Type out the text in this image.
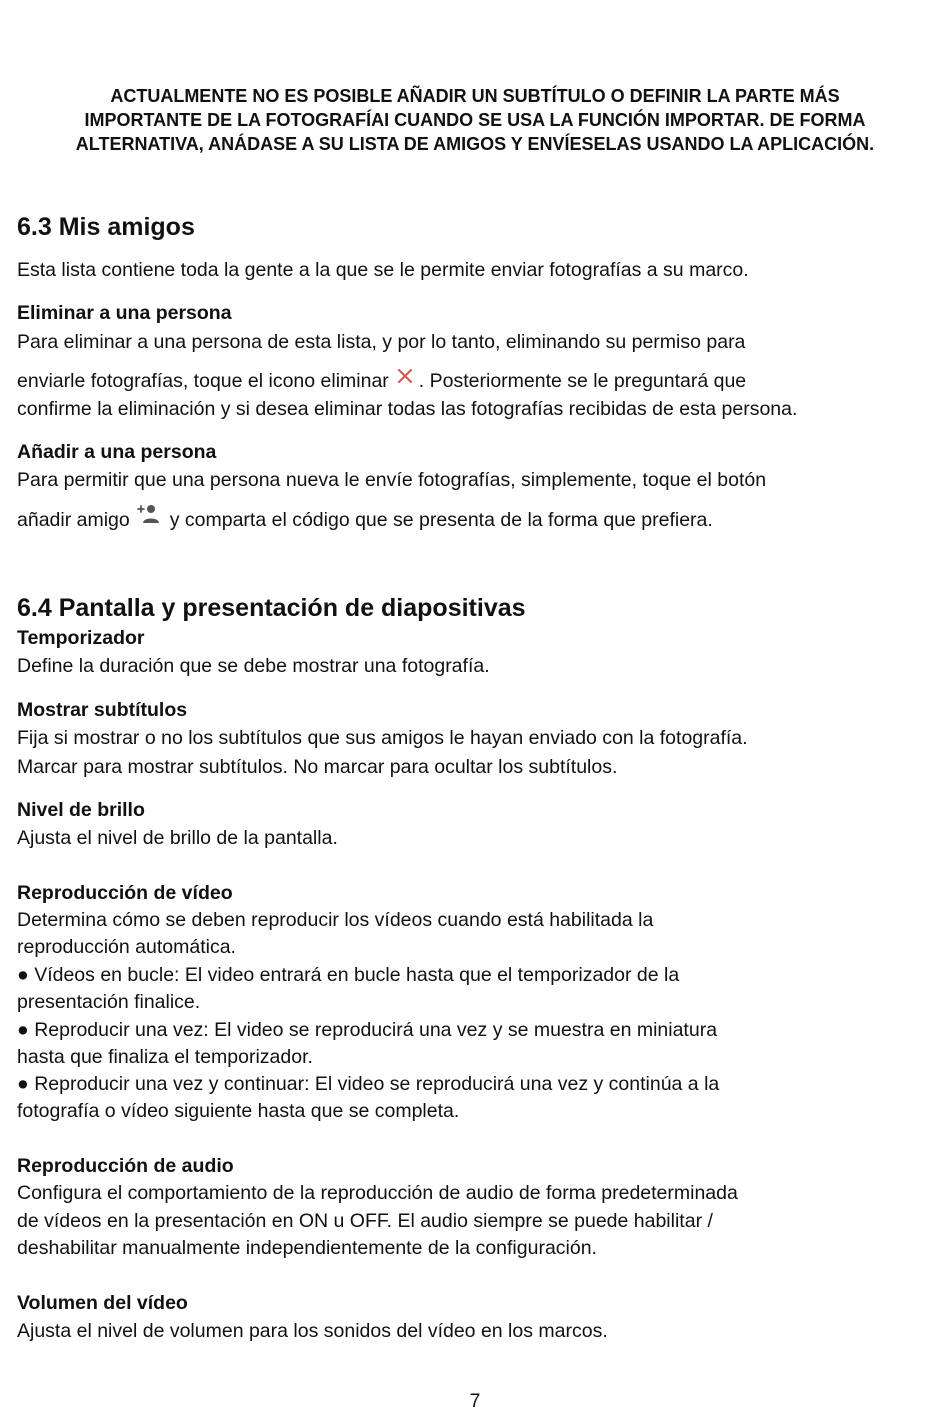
ACTUALMENTE NO ES POSIBLE AÑADIR UN SUBTÍTULO O DEFINIR LA PARTE MÁS
IMPORTANTE DE LA FOTOGRAFÍAI CUANDO SE USA LA FUNCIÓN IMPORTAR. DE FORMA
ALTERNATIVA, ANÁDASE A SU LISTA DE AMIGOS Y ENVÍESELAS USANDO LA APLICACIÓN.
6.3 Mis amigos
Esta lista contiene toda la gente a la que se le permite enviar fotografías a su marco.
Eliminar a una persona
Para eliminar a una persona de esta lista, y por lo tanto, eliminando su permiso para
enviarle fotografías, toque el icono eliminar . Posteriormente se le preguntará que
confirme la eliminación y si desea eliminar todas las fotografías recibidas de esta persona.
Añadir a una persona
Para permitir que una persona nueva le envíe fotografías, simplemente, toque el botón
añadir amigo y comparta el código que se presenta de la forma que prefiera.
6.4 Pantalla y presentación de diapositivas
Temporizador
Define la duración que se debe mostrar una fotografía.
Mostrar subtítulos
Fija si mostrar o no los subtítulos que sus amigos le hayan enviado con la fotografía.
Marcar para mostrar subtítulos. No marcar para ocultar los subtítulos.
Nivel de brillo
Ajusta el nivel de brillo de la pantalla.
Reproducción de vídeo
Determina cómo se deben reproducir los vídeos cuando está habilitada la
reproducción automática.
● Vídeos en bucle: El video entrará en bucle hasta que el temporizador de la
presentación finalice.
● Reproducir una vez: El video se reproducirá una vez y se muestra en miniatura
hasta que finaliza el temporizador.
● Reproducir una vez y continuar: El video se reproducirá una vez y continúa a la
fotografía o vídeo siguiente hasta que se completa.
Reproducción de audio
Configura el comportamiento de la reproducción de audio de forma predeterminada
de vídeos en la presentación en ON u OFF. El audio siempre se puede habilitar /
deshabilitar manualmente independientemente de la configuración.
Volumen del vídeo
Ajusta el nivel de volumen para los sonidos del vídeo en los marcos.
7
